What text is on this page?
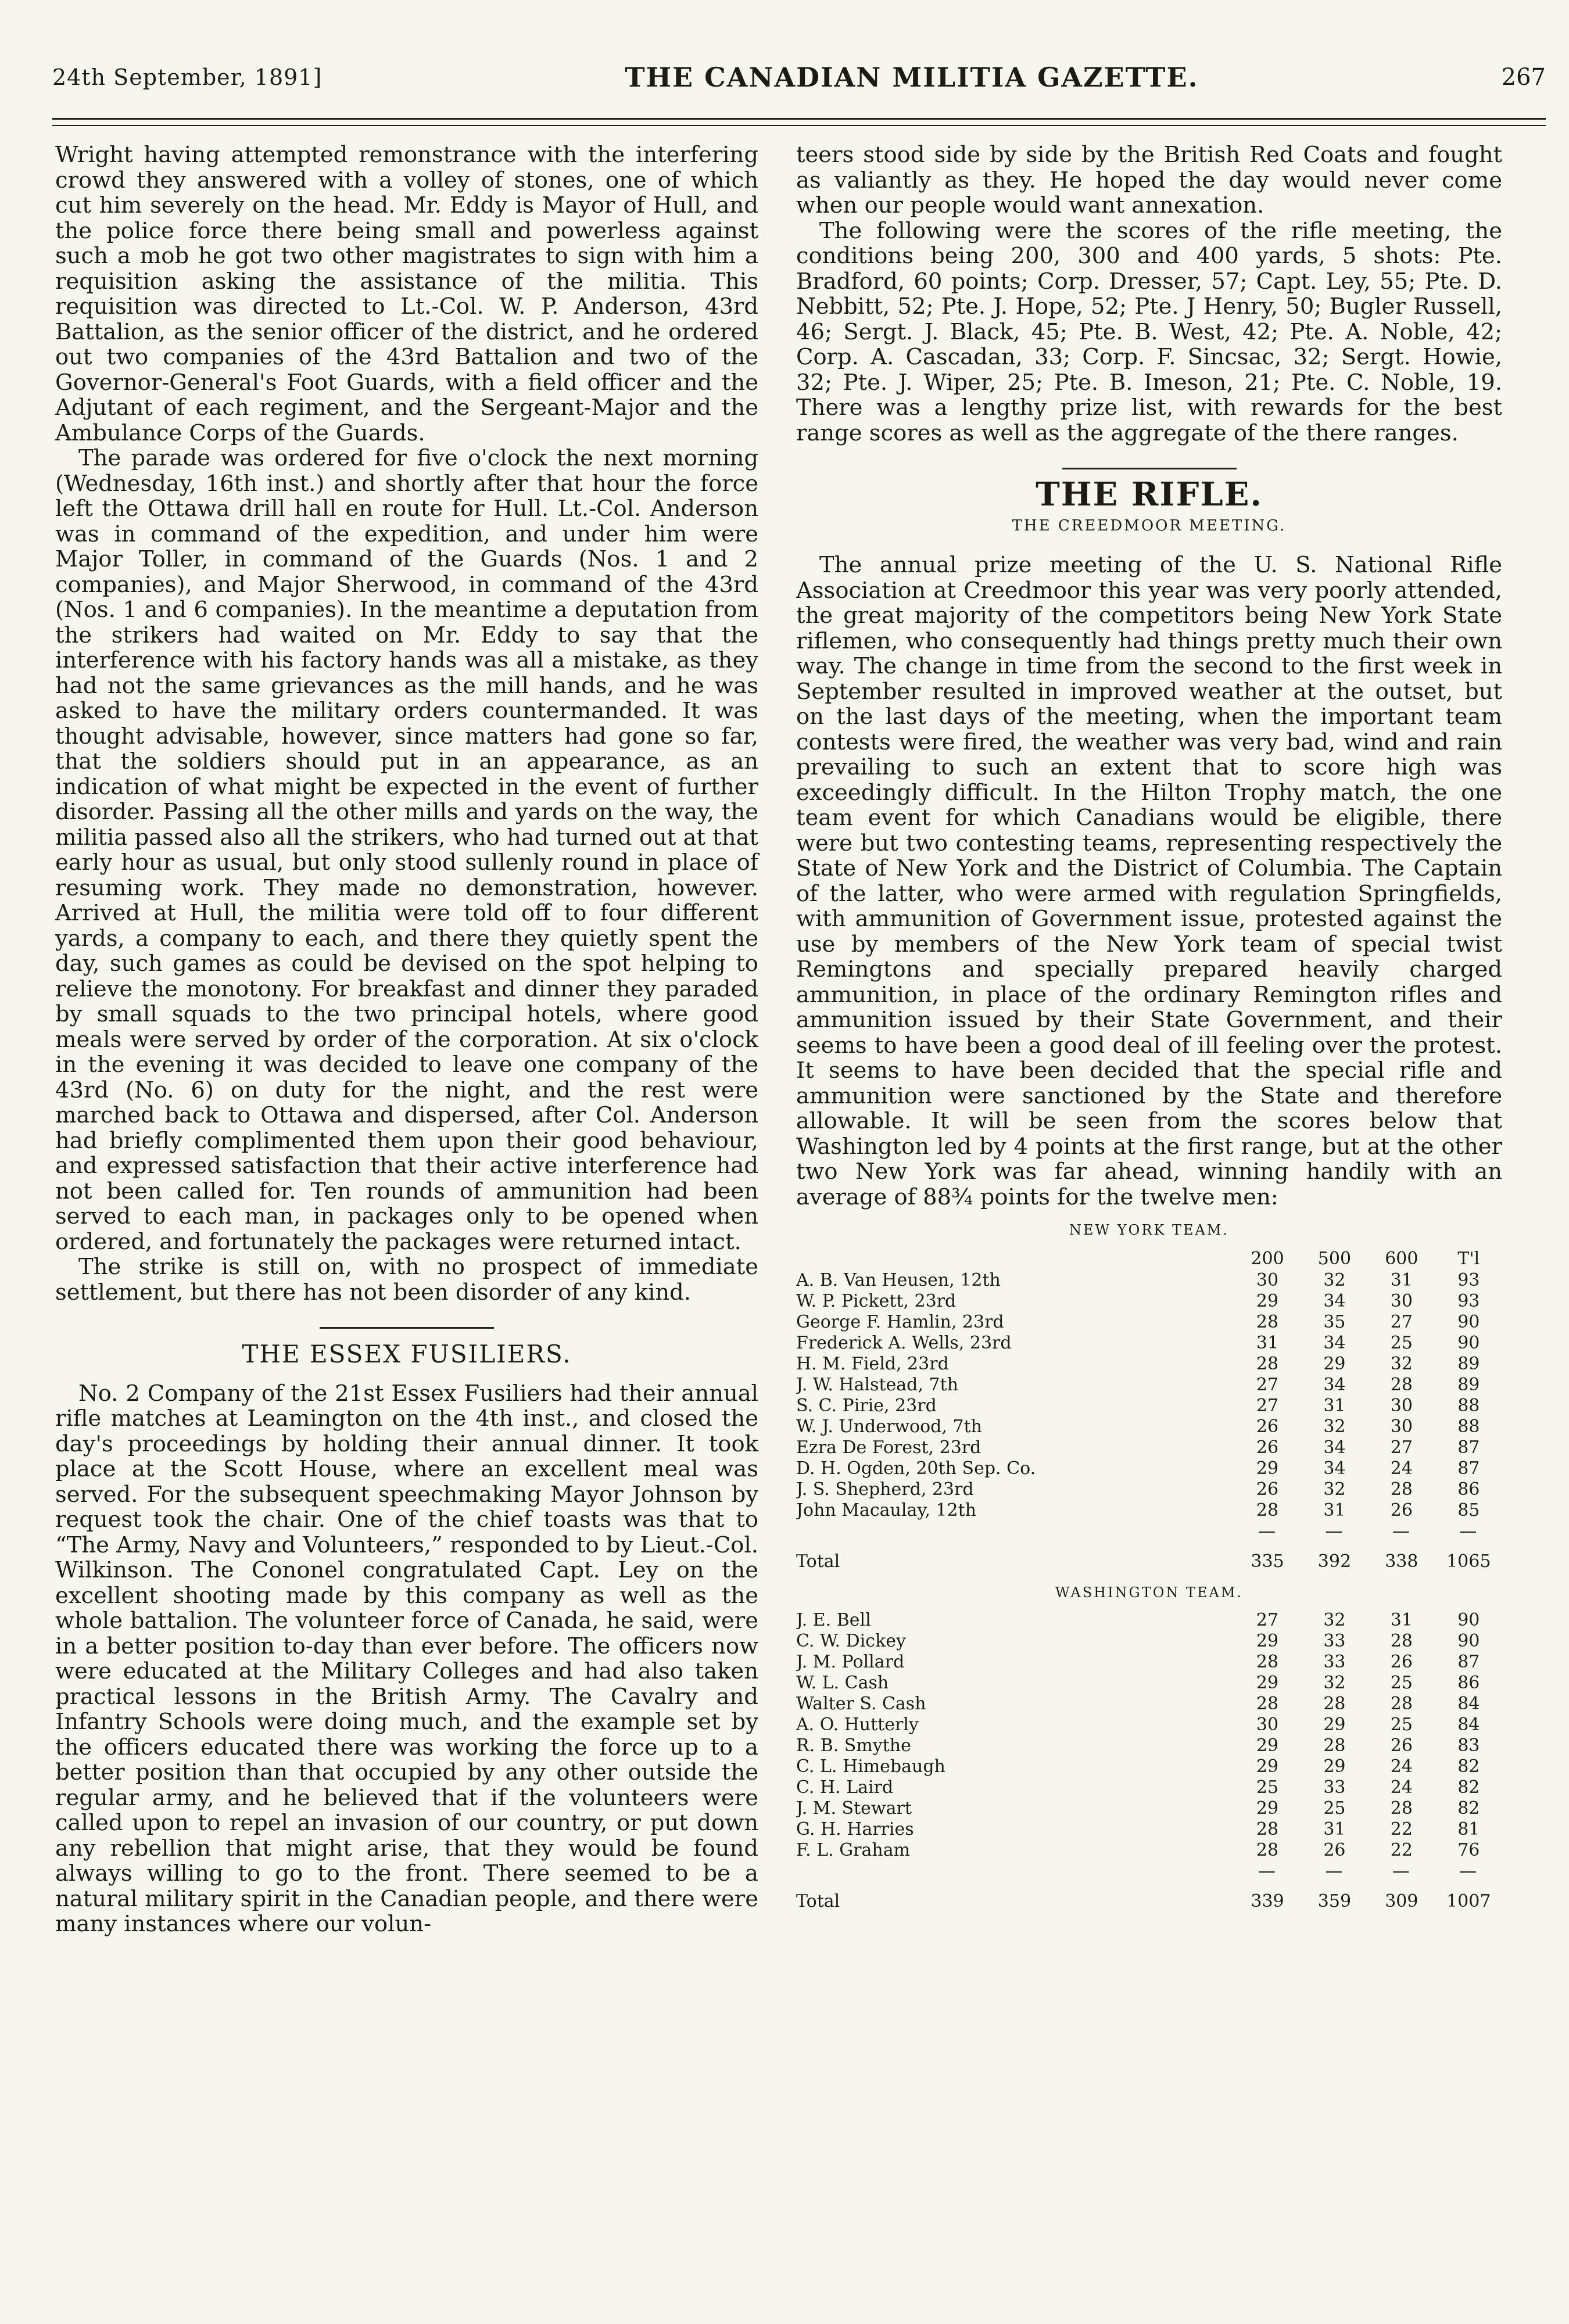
24th September, 1891]	THE CANADIAN MILITIA GAZETTE.	267

Wright having attempted remonstrance with the interfering crowd they answered with a volley of stones, one of which cut him severely on the head. Mr. Eddy is Mayor of Hull, and the police force there being small and powerless against such a mob he got two other magistrates to sign with him a requisition asking the assistance of the militia. This requisition was directed to Lt.-Col. W. P. Anderson, 43rd Battalion, as the senior officer of the district, and he ordered out two companies of the 43rd Battalion and two of the Governor-General's Foot Guards, with a field officer and the Adjutant of each regiment, and the Sergeant-Major and the Ambulance Corps of the Guards.

The parade was ordered for five o'clock the next morning (Wednesday, 16th inst.) and shortly after that hour the force left the Ottawa drill hall en route for Hull. Lt.-Col. Anderson was in command of the expedition, and under him were Major Toller, in command of the Guards (Nos. 1 and 2 companies), and Major Sherwood, in command of the 43rd (Nos. 1 and 6 companies). In the meantime a deputation from the strikers had waited on Mr. Eddy to say that the interference with his factory hands was all a mistake, as they had not the same grievances as the mill hands, and he was asked to have the military orders countermanded. It was thought advisable, however, since matters had gone so far, that the soldiers should put in an appearance, as an indication of what might be expected in the event of further disorder. Passing all the other mills and yards on the way, the militia passed also all the strikers, who had turned out at that early hour as usual, but only stood sullenly round in place of resuming work. They made no demonstration, however. Arrived at Hull, the militia were told off to four different yards, a company to each, and there they quietly spent the day, such games as could be devised on the spot helping to relieve the monotony. For breakfast and dinner they paraded by small squads to the two principal hotels, where good meals were served by order of the corporation. At six o'clock in the evening it was decided to leave one company of the 43rd (No. 6) on duty for the night, and the rest were marched back to Ottawa and dispersed, after Col. Anderson had briefly complimented them upon their good behaviour, and expressed satisfaction that their active interference had not been called for. Ten rounds of ammunition had been served to each man, in packages only to be opened when ordered, and fortunately the packages were returned intact.

The strike is still on, with no prospect of immediate settlement, but there has not been disorder of any kind.

THE ESSEX FUSILIERS.

No. 2 Company of the 21st Essex Fusiliers had their annual rifle matches at Leamington on the 4th inst., and closed the day's proceedings by holding their annual dinner. It took place at the Scott House, where an excellent meal was served. For the subsequent speechmaking Mayor Johnson by request took the chair. One of the chief toasts was that to “The Army, Navy and Volunteers,” responded to by Lieut.-Col. Wilkinson. The Cononel congratulated Capt. Ley on the excellent shooting made by this company as well as the whole battalion. The volunteer force of Canada, he said, were in a better position to-day than ever before. The officers now were educated at the Military Colleges and had also taken practical lessons in the British Army. The Cavalry and Infantry Schools were doing much, and the example set by the officers educated there was working the force up to a better position than that occupied by any other outside the regular army, and he believed that if the volunteers were called upon to repel an invasion of our country, or put down any rebellion that might arise, that they would be found always willing to go to the front. There seemed to be a natural military spirit in the Canadian people, and there were many instances where our volun-

teers stood side by side by the British Red Coats and fought as valiantly as they. He hoped the day would never come when our people would want annexation.

The following were the scores of the rifle meeting, the conditions being 200, 300 and 400 yards, 5 shots: Pte. Bradford, 60 points; Corp. Dresser, 57; Capt. Ley, 55; Pte. D. Nebbitt, 52; Pte. J. Hope, 52; Pte. J Henry, 50; Bugler Russell, 46; Sergt. J. Black, 45; Pte. B. West, 42; Pte. A. Noble, 42; Corp. A. Cascadan, 33; Corp. F. Sincsac, 32; Sergt. Howie, 32; Pte. J. Wiper, 25; Pte. B. Imeson, 21; Pte. C. Noble, 19. There was a lengthy prize list, with rewards for the best range scores as well as the aggregate of the there ranges.

THE RIFLE.
THE CREEDMOOR MEETING.

The annual prize meeting of the U. S. National Rifle Association at Creedmoor this year was very poorly attended, the great majority of the competitors being New York State riflemen, who consequently had things pretty much their own way. The change in time from the second to the first week in September resulted in improved weather at the outset, but on the last days of the meeting, when the important team contests were fired, the weather was very bad, wind and rain prevailing to such an extent that to score high was exceedingly difficult. In the Hilton Trophy match, the one team event for which Canadians would be eligible, there were but two contesting teams, representing respectively the State of New York and the District of Columbia. The Captain of the latter, who were armed with regulation Springfields, with ammunition of Government issue, protested against the use by members of the New York team of special twist Remingtons and specially prepared heavily charged ammunition, in place of the ordinary Remington rifles and ammunition issued by their State Government, and their seems to have been a good deal of ill feeling over the protest. It seems to have been decided that the special rifle and ammunition were sanctioned by the State and therefore allowable. It will be seen from the scores below that Washington led by 4 points at the first range, but at the other two New York was far ahead, winning handily with an average of 88¾ points for the twelve men:

NEW YORK TEAM.
	200	500	600	T'l
A. B. Van Heusen, 12th	30	32	31	93
W. P. Pickett, 23rd	29	34	30	93
George F. Hamlin, 23rd	28	35	27	90
Frederick A. Wells, 23rd	31	34	25	90
H. M. Field, 23rd	28	29	32	89
J. W. Halstead, 7th	27	34	28	89
S. C. Pirie, 23rd	27	31	30	88
W. J. Underwood, 7th	26	32	30	88
Ezra De Forest, 23rd	26	34	27	87
D. H. Ogden, 20th Sep. Co.	29	34	24	87
J. S. Shepherd, 23rd	26	32	28	86
John Macaulay, 12th	28	31	26	85
	—	—	—	—
Total	335	392	338	1065
WASHINGTON TEAM.
J. E. Bell	27	32	31	90
C. W. Dickey	29	33	28	90
J. M. Pollard	28	33	26	87
W. L. Cash	29	32	25	86
Walter S. Cash	28	28	28	84
A. O. Hutterly	30	29	25	84
R. B. Smythe	29	28	26	83
C. L. Himebaugh	29	29	24	82
C. H. Laird	25	33	24	82
J. M. Stewart	29	25	28	82
G. H. Harries	28	31	22	81
F. L. Graham	28	26	22	76
	—	—	—	—
Total	339	359	309	1007
